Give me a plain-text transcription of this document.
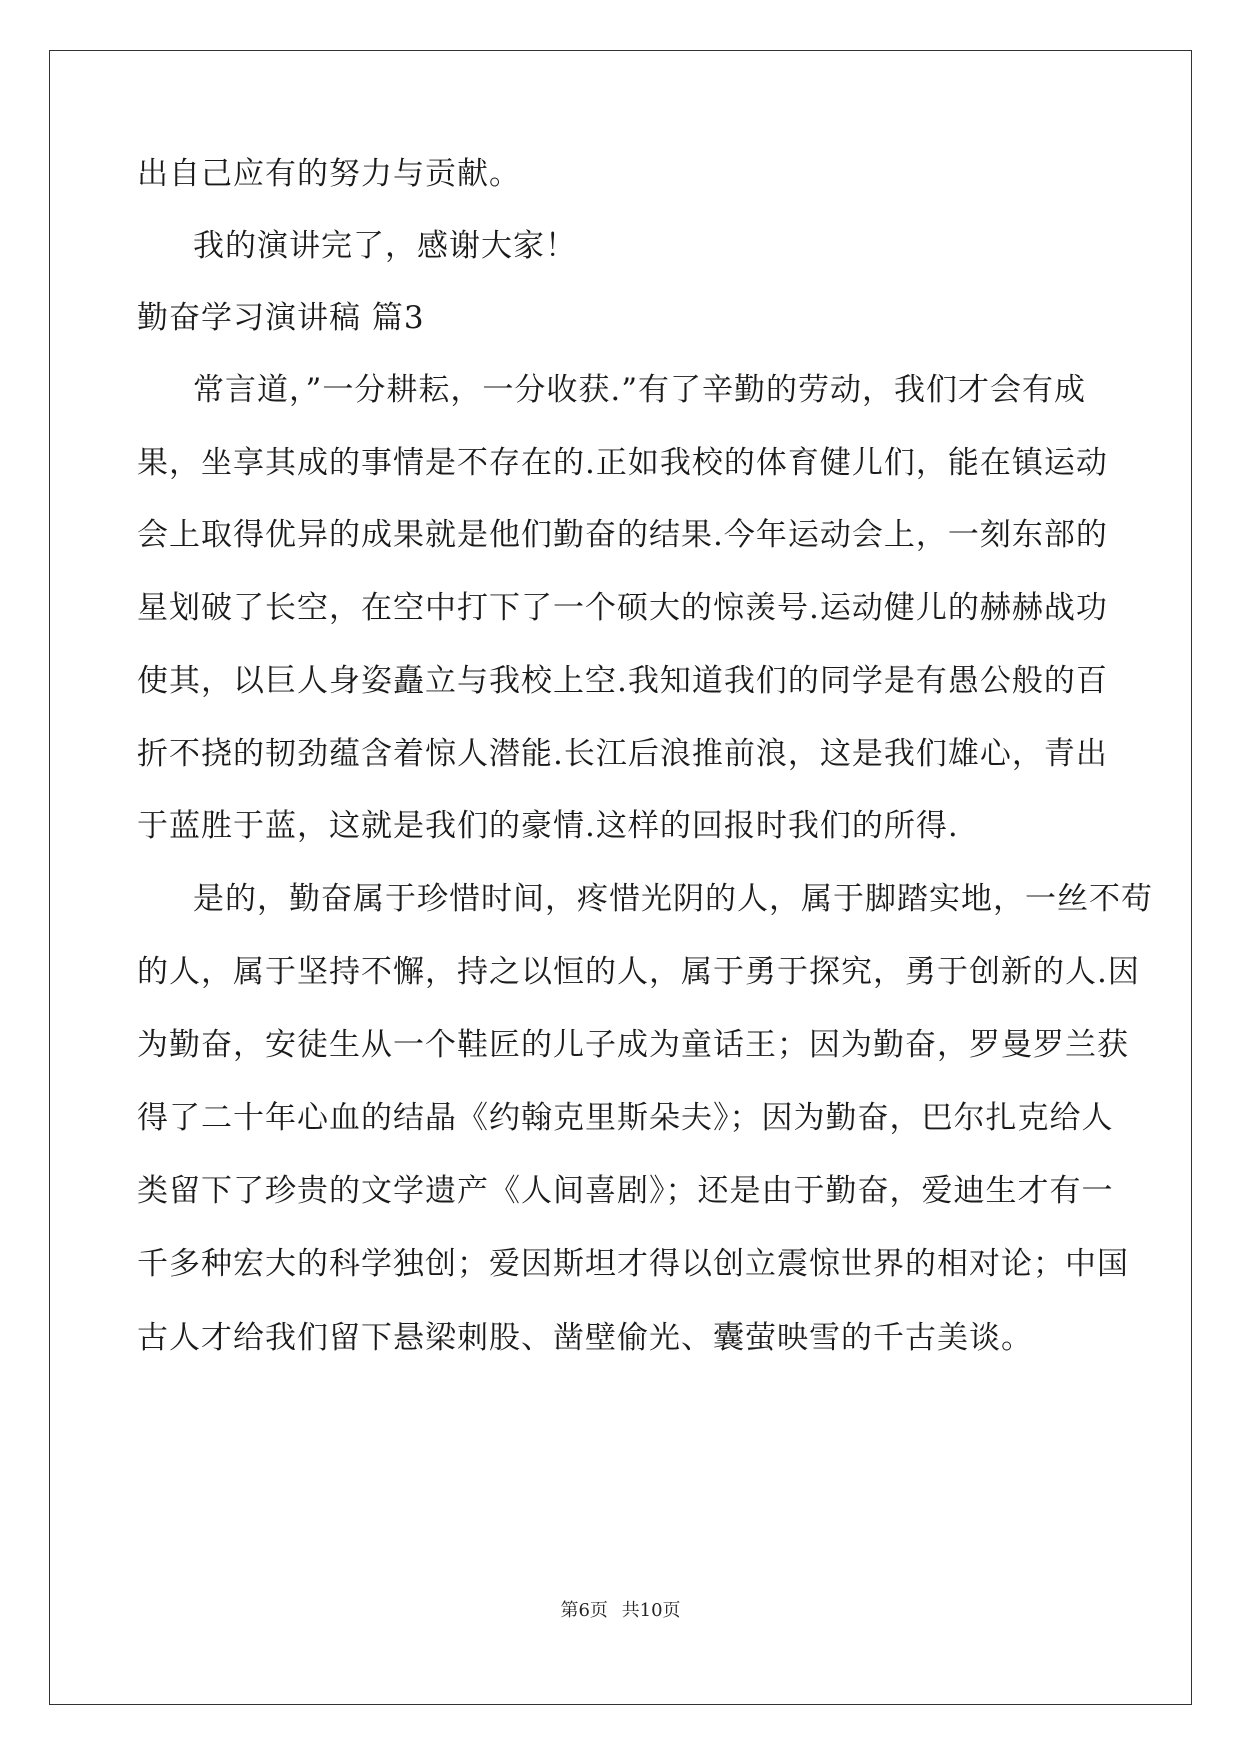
出自己应有的努力与贡献。
我的演讲完了，感谢大家！
勤奋学习演讲稿 篇3
常言道，”一分耕耘，一分收获.”有了辛勤的劳动，我们才会有成
果，坐享其成的事情是不存在的.正如我校的体育健儿们，能在镇运动
会上取得优异的成果就是他们勤奋的结果.今年运动会上，一刻东部的
星划破了长空，在空中打下了一个硕大的惊羡号.运动健儿的赫赫战功
使其，以巨人身姿矗立与我校上空.我知道我们的同学是有愚公般的百
折不挠的韧劲蕴含着惊人潜能.长江后浪推前浪，这是我们雄心，青出
于蓝胜于蓝，这就是我们的豪情.这样的回报时我们的所得.
是的，勤奋属于珍惜时间，疼惜光阴的人，属于脚踏实地，一丝不苟
的人，属于坚持不懈，持之以恒的人，属于勇于探究，勇于创新的人.因
为勤奋，安徒生从一个鞋匠的儿子成为童话王；因为勤奋，罗曼罗兰获
得了二十年心血的结晶《约翰克里斯朵夫》；因为勤奋，巴尔扎克给人
类留下了珍贵的文学遗产《人间喜剧》；还是由于勤奋，爱迪生才有一
千多种宏大的科学独创；爱因斯坦才得以创立震惊世界的相对论；中国
古人才给我们留下悬梁刺股、凿壁偷光、囊萤映雪的千古美谈。
第6页 共10页
